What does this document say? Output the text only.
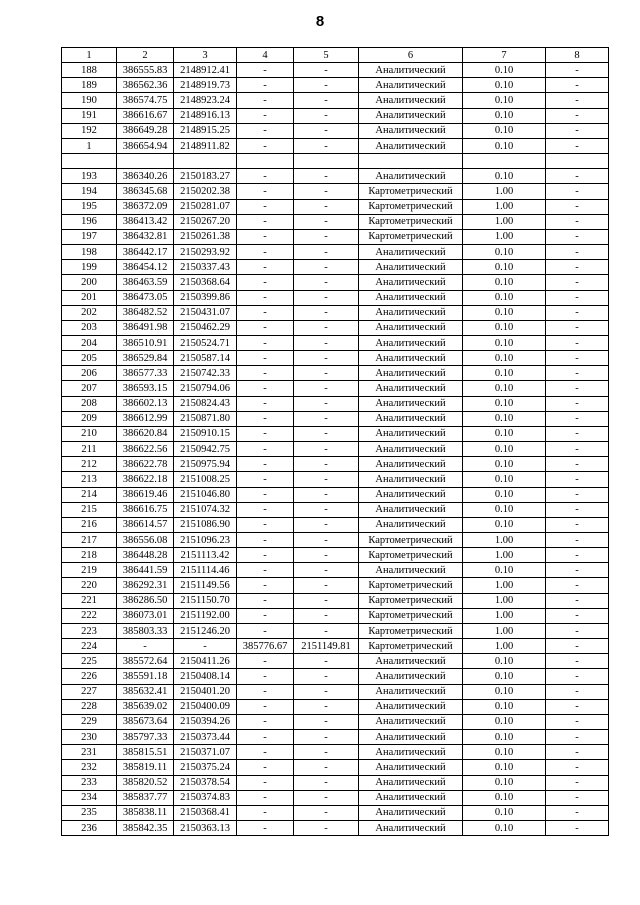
8
1	2	3	4	5	6	7	8
188	386555.83	2148912.41	-	-	Аналитический	0.10	-
189	386562.36	2148919.73	-	-	Аналитический	0.10	-
190	386574.75	2148923.24	-	-	Аналитический	0.10	-
191	386616.67	2148916.13	-	-	Аналитический	0.10	-
192	386649.28	2148915.25	-	-	Аналитический	0.10	-
1	386654.94	2148911.82	-	-	Аналитический	0.10	-

193	386340.26	2150183.27	-	-	Аналитический	0.10	-
194	386345.68	2150202.38	-	-	Картометрический	1.00	-
195	386372.09	2150281.07	-	-	Картометрический	1.00	-
196	386413.42	2150267.20	-	-	Картометрический	1.00	-
197	386432.81	2150261.38	-	-	Картометрический	1.00	-
198	386442.17	2150293.92	-	-	Аналитический	0.10	-
199	386454.12	2150337.43	-	-	Аналитический	0.10	-
200	386463.59	2150368.64	-	-	Аналитический	0.10	-
201	386473.05	2150399.86	-	-	Аналитический	0.10	-
202	386482.52	2150431.07	-	-	Аналитический	0.10	-
203	386491.98	2150462.29	-	-	Аналитический	0.10	-
204	386510.91	2150524.71	-	-	Аналитический	0.10	-
205	386529.84	2150587.14	-	-	Аналитический	0.10	-
206	386577.33	2150742.33	-	-	Аналитический	0.10	-
207	386593.15	2150794.06	-	-	Аналитический	0.10	-
208	386602.13	2150824.43	-	-	Аналитический	0.10	-
209	386612.99	2150871.80	-	-	Аналитический	0.10	-
210	386620.84	2150910.15	-	-	Аналитический	0.10	-
211	386622.56	2150942.75	-	-	Аналитический	0.10	-
212	386622.78	2150975.94	-	-	Аналитический	0.10	-
213	386622.18	2151008.25	-	-	Аналитический	0.10	-
214	386619.46	2151046.80	-	-	Аналитический	0.10	-
215	386616.75	2151074.32	-	-	Аналитический	0.10	-
216	386614.57	2151086.90	-	-	Аналитический	0.10	-
217	386556.08	2151096.23	-	-	Картометрический	1.00	-
218	386448.28	2151113.42	-	-	Картометрический	1.00	-
219	386441.59	2151114.46	-	-	Аналитический	0.10	-
220	386292.31	2151149.56	-	-	Картометрический	1.00	-
221	386286.50	2151150.70	-	-	Картометрический	1.00	-
222	386073.01	2151192.00	-	-	Картометрический	1.00	-
223	385803.33	2151246.20	-	-	Картометрический	1.00	-
224	-	-	385776.67	2151149.81	Картометрический	1.00	-
225	385572.64	2150411.26	-	-	Аналитический	0.10	-
226	385591.18	2150408.14	-	-	Аналитический	0.10	-
227	385632.41	2150401.20	-	-	Аналитический	0.10	-
228	385639.02	2150400.09	-	-	Аналитический	0.10	-
229	385673.64	2150394.26	-	-	Аналитический	0.10	-
230	385797.33	2150373.44	-	-	Аналитический	0.10	-
231	385815.51	2150371.07	-	-	Аналитический	0.10	-
232	385819.11	2150375.24	-	-	Аналитический	0.10	-
233	385820.52	2150378.54	-	-	Аналитический	0.10	-
234	385837.77	2150374.83	-	-	Аналитический	0.10	-
235	385838.11	2150368.41	-	-	Аналитический	0.10	-
236	385842.35	2150363.13	-	-	Аналитический	0.10	-
